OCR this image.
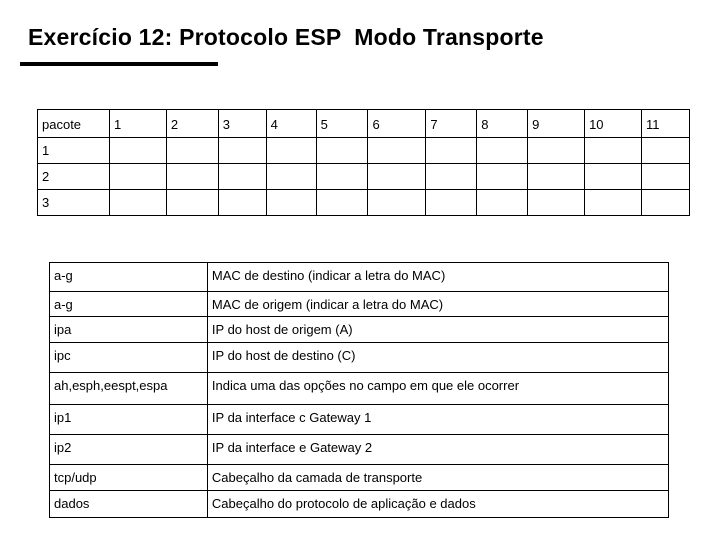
Exercício 12: Protocolo ESP  Modo Transporte
pacote	1	2	3	4	5	6	7	8	9	10	11
1											
2											
3											
a-g	MAC de destino (indicar a letra do MAC)
a-g	MAC de origem (indicar a letra do MAC)
ipa	IP do host de origem (A)
ipc	IP do host de destino (C)
ah,esph,eespt,espa	Indica uma das opções no campo em que ele ocorrer
ip1	IP da interface c Gateway 1
ip2	IP da interface e Gateway 2
tcp/udp	Cabeçalho da camada de transporte
dados	Cabeçalho do protocolo de aplicação e dados
